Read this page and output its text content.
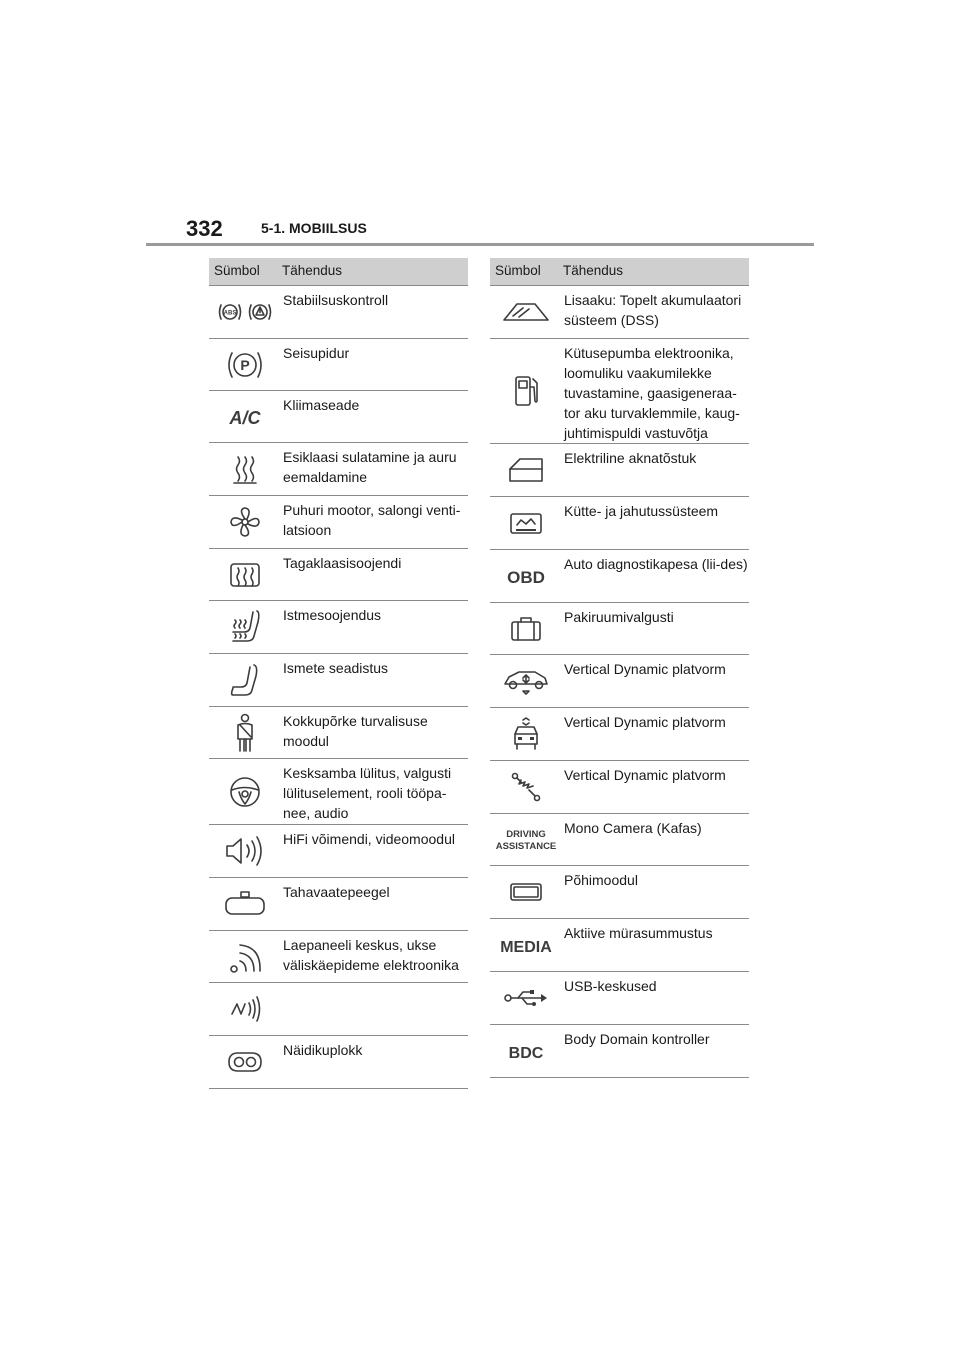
332	5-1. MOBIILSUS
Sümbol Tähendus
ABS
Stabiilsuskontroll
P
Seisupidur
A/C
Kliimaseade
Esiklaasi sulatamine ja auru eemaldamine
Puhuri mootor, salongi venti-latsioon
Tagaklaasisoojendi
Istmesoojendus
Ismete seadistus
Kokkupõrke turvalisuse moodul
Kesksamba lülitus, valgusti lülituselement, rooli tööpa-nee, audio
HiFi võimendi, videomoodul
Tahavaatepeegel
Laepaneeli keskus, ukse väliskäepideme elektroonika
Näidikuplokk
Sümbol Tähendus
Lisaaku: Topelt akumulaatori süsteem (DSS)
Kütusepumba elektroonika, loomuliku vaakumilekke tuvastamine, gaasigeneraa-tor aku turvaklemmile, kaug-juhtimispuldi vastuvõtja
Elektriline aknatõstuk
Kütte- ja jahutussüsteem
OBD
Auto diagnostikapesa (lii-des)
Pakiruumivalgusti
Vertical Dynamic platvorm
Vertical Dynamic platvorm
Vertical Dynamic platvorm
DRIVING
ASSISTANCE
Mono Camera (Kafas)
Põhimoodul
MEDIA
Aktiive mürasummustus
USB-keskused
BDC
Body Domain kontroller
